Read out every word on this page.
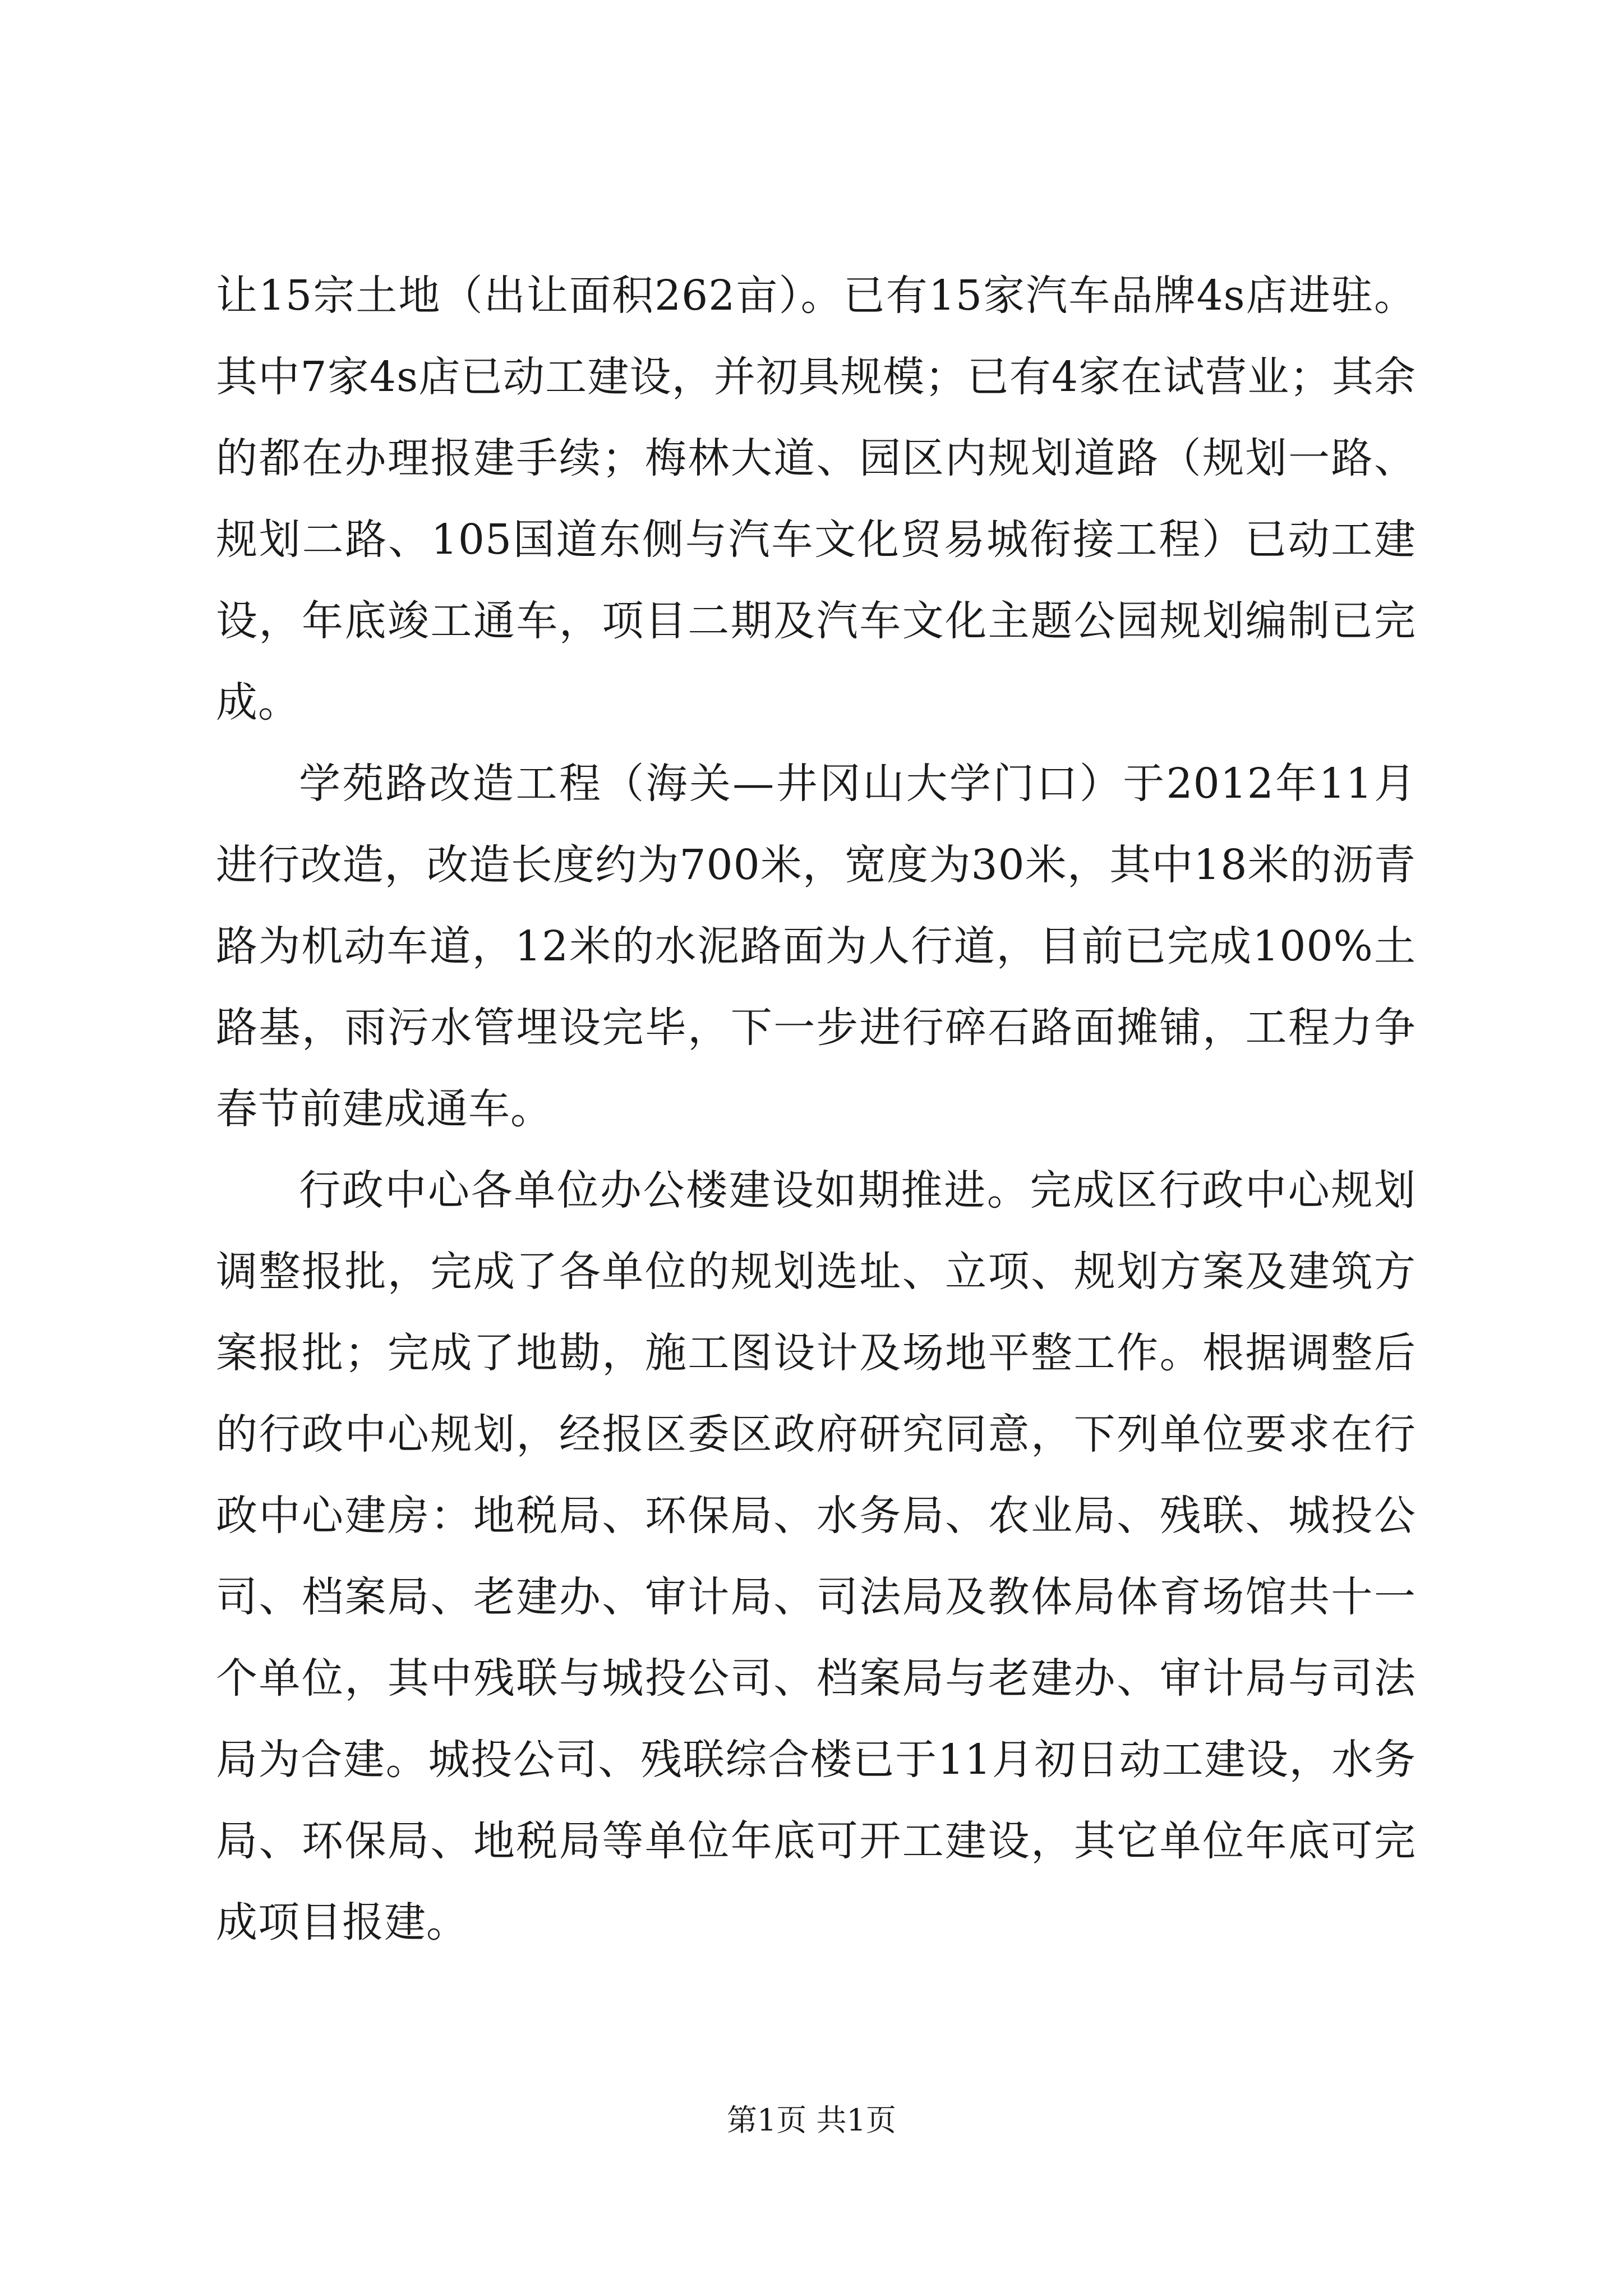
让15宗土地（出让面积262亩）。已有15家汽车品牌4s店进驻。其中7家4s店已动工建设，并初具规模；已有4家在试营业；其余的都在办理报建手续；梅林大道、园区内规划道路（规划一路、规划二路、105国道东侧与汽车文化贸易城衔接工程）已动工建设，年底竣工通车，项目二期及汽车文化主题公园规划编制已完成。

学苑路改造工程（海关—井冈山大学门口）于2012年11月进行改造，改造长度约为700米，宽度为30米，其中18米的沥青路为机动车道，12米的水泥路面为人行道，目前已完成100%土路基，雨污水管埋设完毕，下一步进行碎石路面摊铺，工程力争春节前建成通车。

行政中心各单位办公楼建设如期推进。完成区行政中心规划调整报批，完成了各单位的规划选址、立项、规划方案及建筑方案报批；完成了地勘，施工图设计及场地平整工作。根据调整后的行政中心规划，经报区委区政府研究同意，下列单位要求在行政中心建房：地税局、环保局、水务局、农业局、残联、城投公司、档案局、老建办、审计局、司法局及教体局体育场馆共十一个单位，其中残联与城投公司、档案局与老建办、审计局与司法局为合建。城投公司、残联综合楼已于11月初日动工建设，水务局、环保局、地税局等单位年底可开工建设，其它单位年底可完成项目报建。

第1页 共1页
